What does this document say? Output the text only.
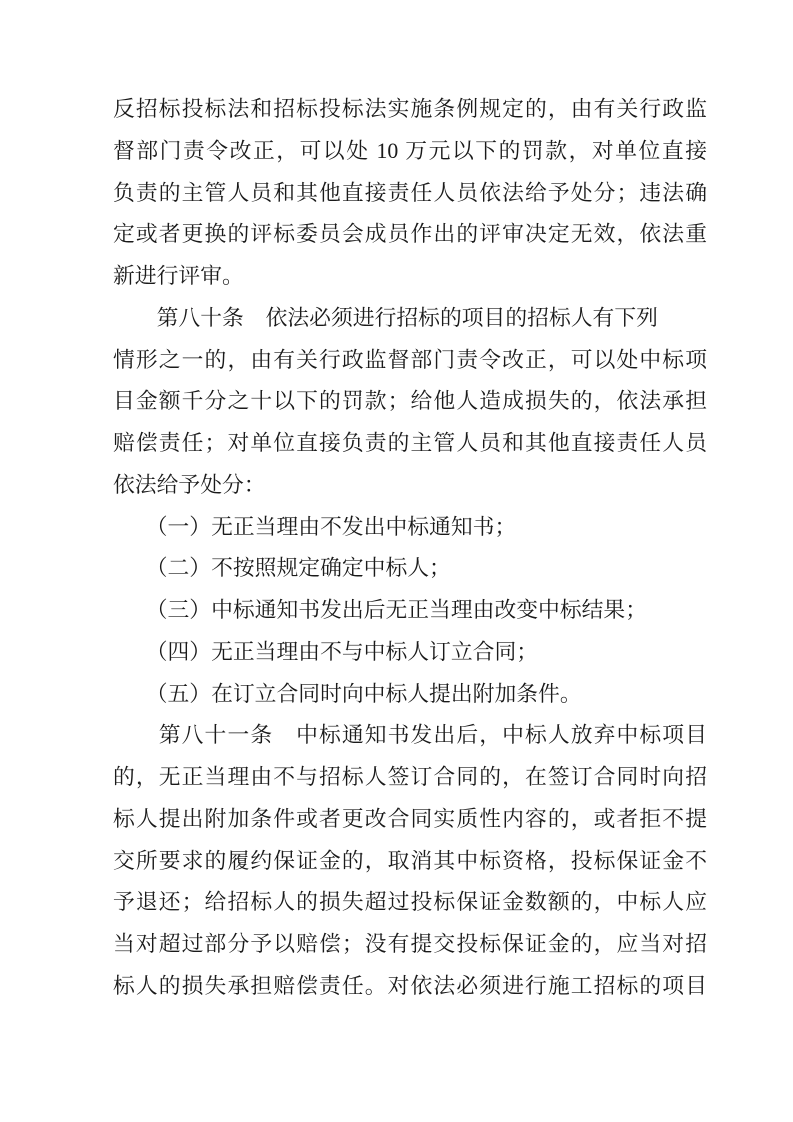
反招标投标法和招标投标法实施条例规定的，由有关行政监
督部门责令改正，可以处 10 万元以下的罚款，对单位直接
负责的主管人员和其他直接责任人员依法给予处分；违法确
定或者更换的评标委员会成员作出的评审决定无效，依法重
新进行评审。
　　第八十条　依法必须进行招标的项目的招标人有下列
情形之一的，由有关行政监督部门责令改正，可以处中标项
目金额千分之十以下的罚款；给他人造成损失的，依法承担
赔偿责任；对单位直接负责的主管人员和其他直接责任人员
依法给予处分：
　　（一）无正当理由不发出中标通知书；
　　（二）不按照规定确定中标人；
　　（三）中标通知书发出后无正当理由改变中标结果；
　　（四）无正当理由不与中标人订立合同；
　　（五）在订立合同时向中标人提出附加条件。
　　第八十一条　中标通知书发出后，中标人放弃中标项目
的，无正当理由不与招标人签订合同的，在签订合同时向招
标人提出附加条件或者更改合同实质性内容的，或者拒不提
交所要求的履约保证金的，取消其中标资格，投标保证金不
予退还；给招标人的损失超过投标保证金数额的，中标人应
当对超过部分予以赔偿；没有提交投标保证金的，应当对招
标人的损失承担赔偿责任。对依法必须进行施工招标的项目
